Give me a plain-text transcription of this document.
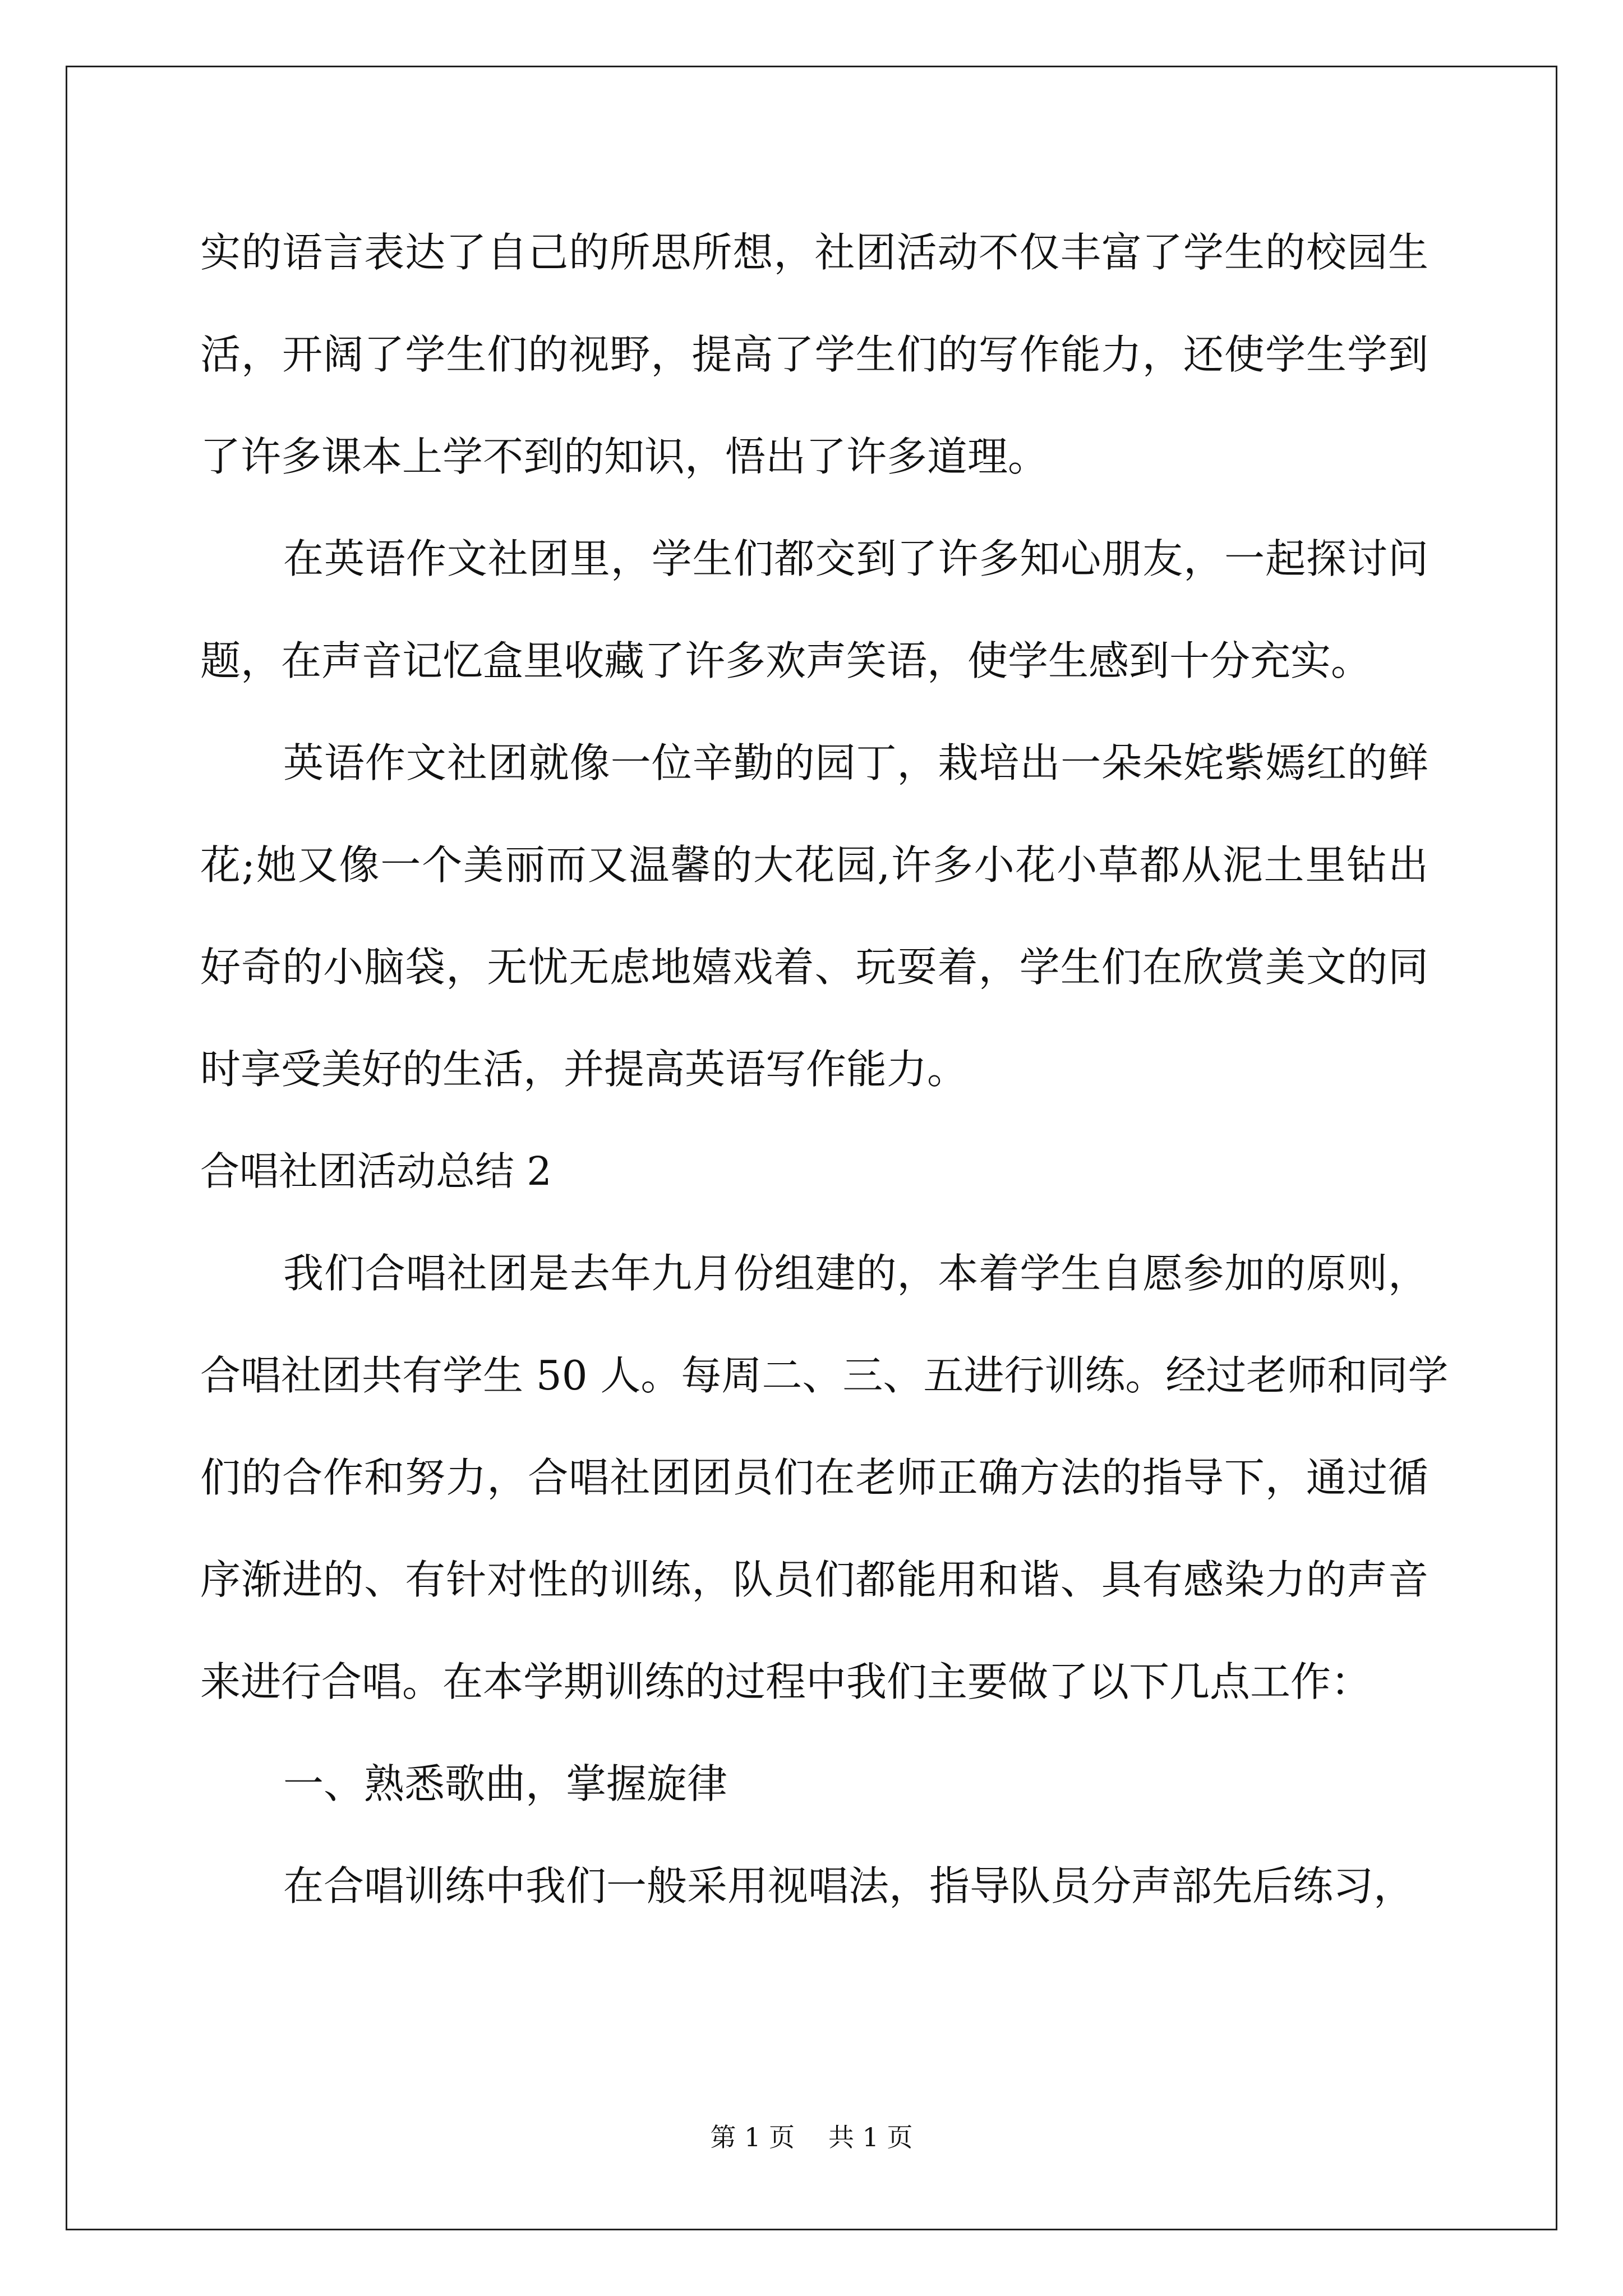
实的语言表达了自己的所思所想，社团活动不仅丰富了学生的校园生
活，开阔了学生们的视野，提高了学生们的写作能力，还使学生学到
了许多课本上学不到的知识，悟出了许多道理。
在英语作文社团里，学生们都交到了许多知心朋友，一起探讨问
题，在声音记忆盒里收藏了许多欢声笑语，使学生感到十分充实。
英语作文社团就像一位辛勤的园丁，栽培出一朵朵姹紫嫣红的鲜
花;她又像一个美丽而又温馨的大花园,许多小花小草都从泥土里钻出
好奇的小脑袋，无忧无虑地嬉戏着、玩耍着，学生们在欣赏美文的同
时享受美好的生活，并提高英语写作能力。
合唱社团活动总结 2
我们合唱社团是去年九月份组建的，本着学生自愿参加的原则，
合唱社团共有学生 50 人。每周二、三、五进行训练。经过老师和同学
们的合作和努力，合唱社团团员们在老师正确方法的指导下，通过循
序渐进的、有针对性的训练，队员们都能用和谐、具有感染力的声音
来进行合唱。在本学期训练的过程中我们主要做了以下几点工作：
一、熟悉歌曲，掌握旋律
在合唱训练中我们一般采用视唱法，指导队员分声部先后练习，
第 1 页 共 1 页
